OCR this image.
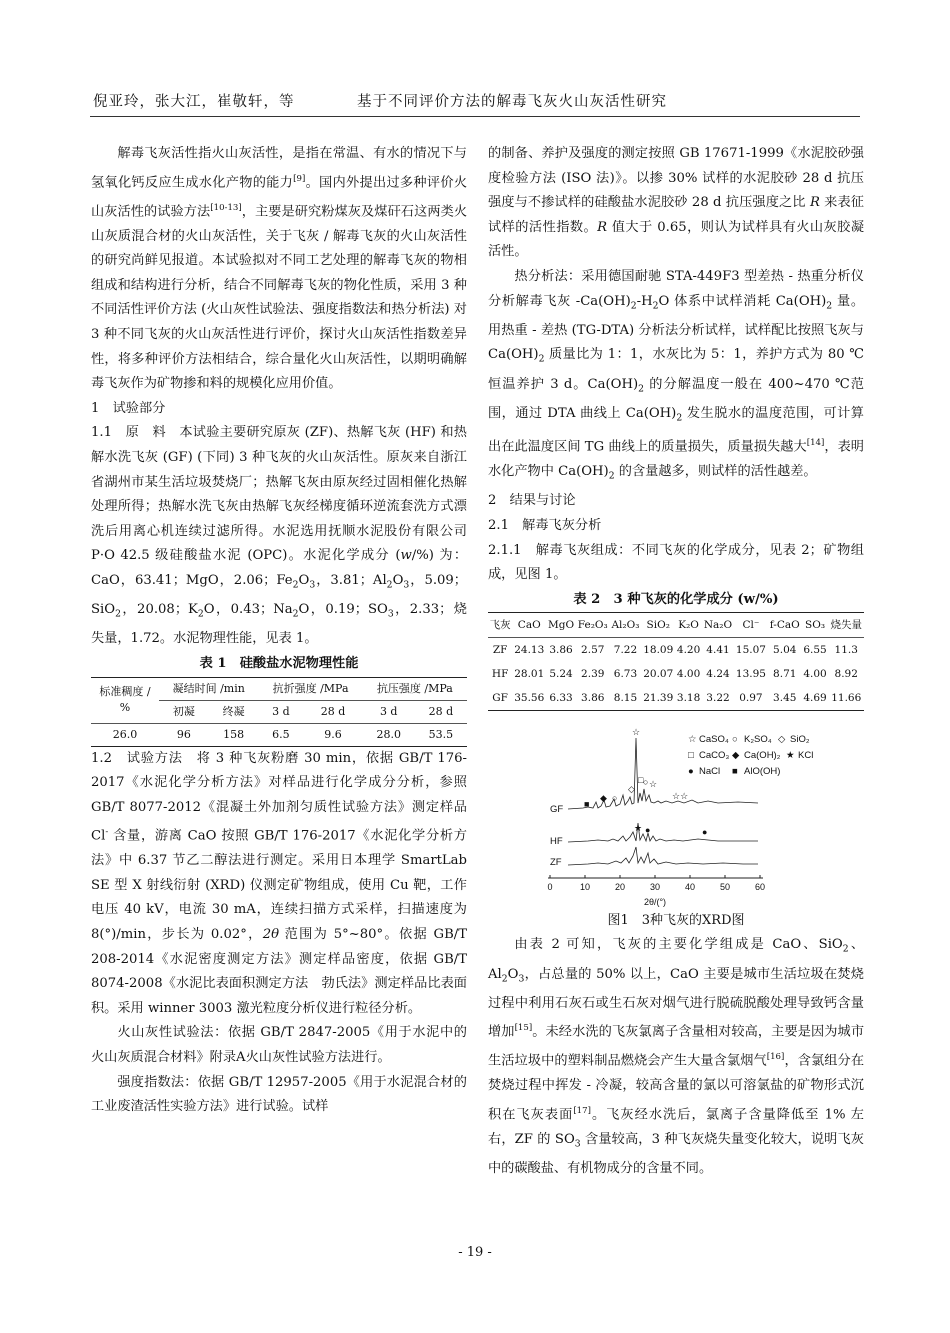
倪亚玲，张大江，崔敬轩，等	基于不同评价方法的解毒飞灰火山灰活性研究

解毒飞灰活性指火山灰活性，是指在常温、有水的情况下与氢氧化钙反应生成水化产物的能力[9]。国内外提出过多种评价火山灰活性的试验方法[10-13]，主要是研究粉煤灰及煤矸石这两类火山灰质混合材的火山灰活性，关于飞灰 / 解毒飞灰的火山灰活性的研究尚鲜见报道。本试验拟对不同工艺处理的解毒飞灰的物相组成和结构进行分析，结合不同解毒飞灰的物化性质，采用 3 种不同活性评价方法 (火山灰性试验法、强度指数法和热分析法) 对 3 种不同飞灰的火山灰活性进行评价，探讨火山灰活性指数差异性，将多种评价方法相结合，综合量化火山灰活性，以期明确解毒飞灰作为矿物掺和料的规模化应用价值。

1　试验部分

1.1　原　料　本试验主要研究原灰 (ZF)、热解飞灰 (HF) 和热解水洗飞灰 (GF) (下同) 3 种飞灰的火山灰活性。原灰来自浙江省湖州市某生活垃圾焚烧厂；热解飞灰由原灰经过固相催化热解处理所得；热解水洗飞灰由热解飞灰经梯度循环逆流套洗方式漂洗后用离心机连续过滤所得。水泥选用抚顺水泥股份有限公司 P·O 42.5 级硅酸盐水泥 (OPC)。水泥化学成分 (w/%) 为：CaO，63.41；MgO，2.06；$Fe_2O_3$，3.81；$Al_2O_3$，5.09；SiO$_2$，20.08；$K_2O$，0.43；$Na_2O$，0.19；$SO_3$，2.33；烧失量，1.72。水泥物理性能，见表 1。

表 1　硅酸盐水泥物理性能

标准稠度 / %	凝结时间 /min		抗折强度 /MPa		抗压强度 /MPa	
	初凝	终凝	3 d	28 d	3 d	28 d
26.0	96	158	6.5	9.6	28.0	53.5

1.2　试验方法　将 3 种飞灰粉磨 30 min，依据 GB/T 176-2017《水泥化学分析方法》对样品进行化学成分分析，参照 GB/T 8077-2012《混凝土外加剂匀质性试验方法》测定样品 Cl- 含量，游离 CaO 按照 GB/T 176-2017《水泥化学分析方法》中 6.37 节乙二醇法进行测定。采用日本理学 SmartLab SE 型 X 射线衍射 (XRD) 仪测定矿物组成，使用 Cu 靶，工作电压 40 kV，电流 30 mA，连续扫描方式采样，扫描速度为 8(°)/min，步长为 0.02°，2θ 范围为 5°~80°。依据 GB/T 208-2014《水泥密度测定方法》测定样品密度，依据 GB/T 8074-2008《水泥比表面积测定方法　勃氏法》测定样品比表面积。采用 winner 3003 激光粒度分析仪进行粒径分析。

火山灰性试验法：依据 GB/T 2847-2005《用于水泥中的火山灰质混合材料》附录A火山灰性试验方法进行。

强度指数法：依据 GB/T 12957-2005《用于水泥混合材的工业废渣活性实验方法》进行试验。试样

的制备、养护及强度的测定按照 GB 17671-1999《水泥胶砂强度检验方法 (ISO 法)》。以掺 30% 试样的水泥胶砂 28 d 抗压强度与不掺试样的硅酸盐水泥胶砂 28 d 抗压强度之比 R 来表征试样的活性指数。R 值大于 0.65，则认为试样具有火山灰胶凝活性。

热分析法：采用德国耐驰 STA-449F3 型差热 - 热重分析仪分析解毒飞灰 $-Ca(OH)_2-H_2O$ 体系中试样消耗 $Ca(OH)_2$ 量。用热重 - 差热 (TG-DTA) 分析法分析试样，试样配比按照飞灰与 $Ca(OH)_2$ 质量比为 1：1，水灰比为 5：1，养护方式为 80 ℃恒温养护 3 d。$Ca(OH)_2$ 的分解温度一般在 400~470 ℃范围，通过 DTA 曲线上 $Ca(OH)_2$ 发生脱水的温度范围，可计算出在此温度区间 TG 曲线上的质量损失，质量损失越大[14]，表明水化产物中 $Ca(OH)_2$ 的含量越多，则试样的活性越差。

2　结果与讨论

2.1　解毒飞灰分析

2.1.1　解毒飞灰组成：不同飞灰的化学成分，见表 2；矿物组成，见图 1。

表 2　3 种飞灰的化学成分 (w/%)

飞灰	CaO	MgO	Fe₂O₃	Al₂O₃	SiO₂	K₂O	Na₂O	Cl⁻	f-CaO	SO₃	烧失量
ZF	24.13	3.86	2.57	7.22	18.09	4.20	4.41	15.07	5.04	6.55	11.3
HF	28.01	5.24	2.39	6.73	20.07	4.00	4.24	13.95	8.71	4.00	8.92
GF	35.56	6.33	3.86	8.15	21.39	3.18	3.22	0.97	3.45	4.69	11.66
☆ CaSO₄ ○ K₂SO₄ ◇ SiO₂
□ CaCO₃ ◆ Ca(OH)₂ ★ KCl
● NaCl ■ AlO(OH)
GF
HF
ZF
☆
■
◆ ○
◇
□ ○ ☆
☆☆
★ ●	●
0	10	20	30	40	50	60
2θ/(°)

图1　3种飞灰的XRD图

由表 2 可知，飞灰的主要化学组成是 CaO、SiO$_2$、$Al_2O_3$，占总量的 50% 以上，CaO 主要是城市生活垃圾在焚烧过程中利用石灰石或生石灰对烟气进行脱硫脱酸处理导致钙含量增加[15]。未经水洗的飞灰氯离子含量相对较高，主要是因为城市生活垃圾中的塑料制品燃烧会产生大量含氯烟气[16]，含氯组分在焚烧过程中挥发 - 冷凝，较高含量的氯以可溶氯盐的矿物形式沉积在飞灰表面[17]。飞灰经水洗后，氯离子含量降低至 1% 左右，ZF 的 $SO_3$ 含量较高，3 种飞灰烧失量变化较大，说明飞灰中的碳酸盐、有机物成分的含量不同。

- 19 -
